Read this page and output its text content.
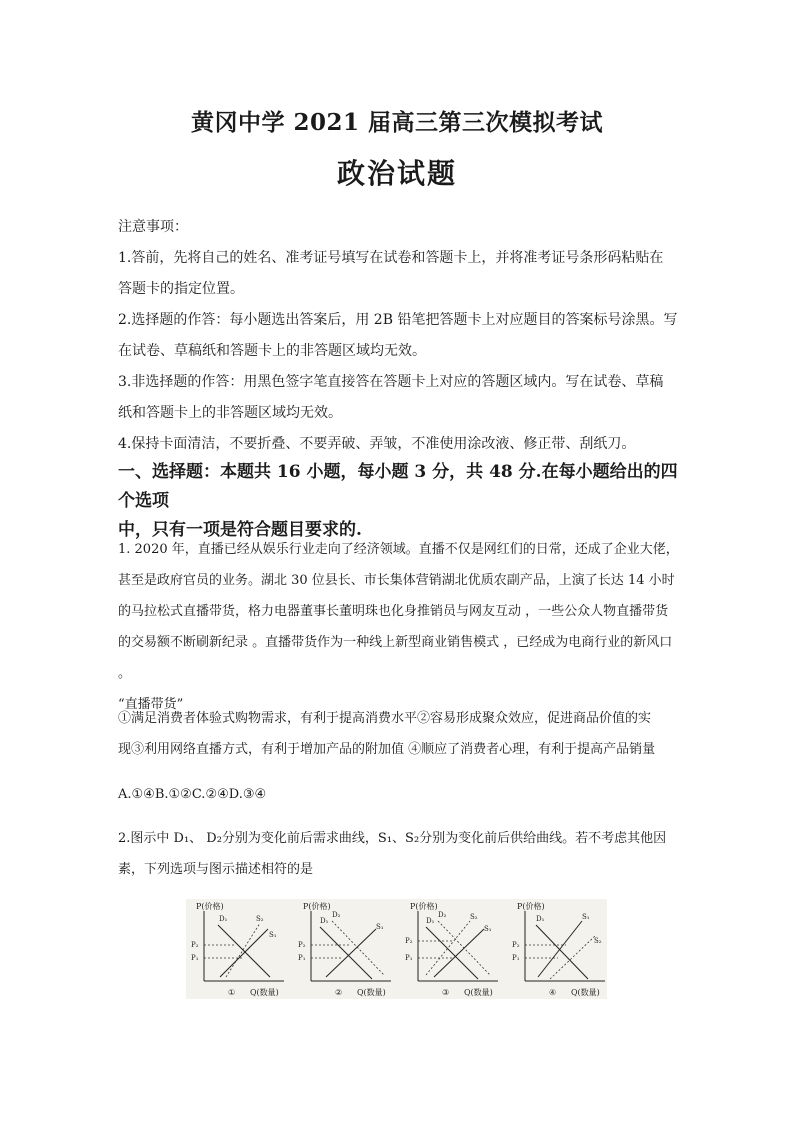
黄冈中学 2021 届高三第三次模拟考试
政治试题

注意事项：

1.答前，先将自己的姓名、准考证号填写在试卷和答题卡上，并将准考证号条形码粘贴在

答题卡的指定位置。

2.选择题的作答：每小题选出答案后，用 2B 铅笔把答题卡上对应题目的答案标号涂黑。写

在试卷、草稿纸和答题卡上的非答题区域均无效。

3.非选择题的作答：用黑色签字笔直接答在答题卡上对应的答题区域内。写在试卷、草稿

纸和答题卡上的非答题区域均无效。

4.保持卡面清洁，不要折叠、不要弄破、弄皱，不准使用涂改液、修正带、刮纸刀。

一、选择题：本题共 16 小题，每小题 3 分，共 48 分.在每小题给出的四个选项
中，只有一项是符合题目要求的.

1. 2020 年，直播已经从娱乐行业走向了经济领域。直播不仅是网红们的日常，还成了企业大佬，

甚至是政府官员的业务。湖北 30 位县长、市长集体营销湖北优质农副产品，上演了长达 14 小时

的马拉松式直播带货，格力电器董事长董明珠也化身推销员与网友互动 ，一些公众人物直播带货

的交易额不断刷新纪录 。直播带货作为一种线上新型商业销售模式 ，已经成为电商行业的新风口 。

“直播带货”

①满足消费者体验式购物需求，有利于提高消费水平②容易形成聚众效应，促进商品价值的实

现③利用网络直播方式，有利于增加产品的附加值 ④顺应了消费者心理，有利于提高产品销量

A.①④B.①②C.②④D.③④

2.图示中 D₁、 D₂分别为变化前后需求曲线，S₁、S₂分别为变化前后供给曲线。若不考虑其他因

素，下列选项与图示描述相符的是

P(价格)
Q(数量)
①
P₂
P₁
D₁	S₂
S₁
P(价格)
Q(数量)
②
P₂
P₁
D₁
D₂
S₁
P(价格)
Q(数量)
③
P₂
P₁
D₁
D₂	S₂
S₁
P(价格)
Q(数量)
④
P₂
P₁
D₁	S₁
S₂
